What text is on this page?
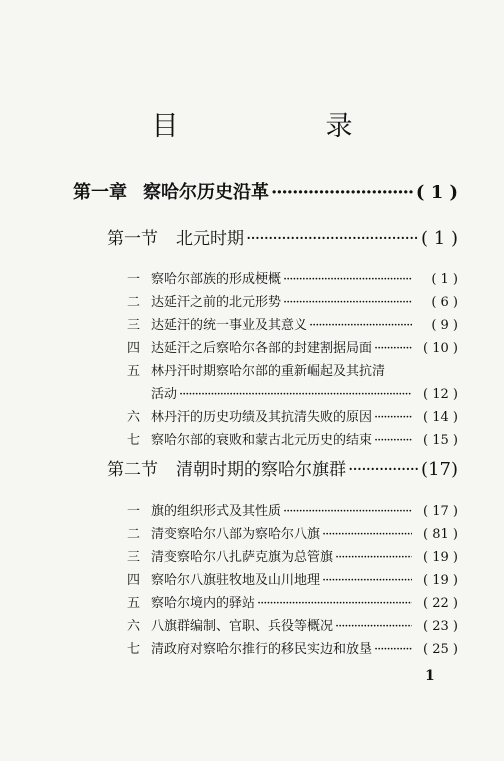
目　录
第一章 察哈尔历史沿革 ·····	( 1 )
第一节 北元时期 ·····	( 1 )
一 察哈尔部族的形成梗概 ·····	( 1 )
二 达延汗之前的北元形势 ·····	( 6 )
三 达延汗的统一事业及其意义 ·····	( 9 )
四 达延汗之后察哈尔各部的封建割据局面 ·····	( 10 )
五 林丹汗时期察哈尔部的重新崛起及其抗清
活动 ·····	( 12 )
六 林丹汗的历史功绩及其抗清失败的原因 ·····	( 14 )
七 察哈尔部的衰败和蒙古北元历史的结束 ·····	( 15 )
第二节 清朝时期的察哈尔旗群 ·····	(17)
一 旗的组织形式及其性质 ·····	( 17 )
二 清变察哈尔八部为察哈尔八旗 ·····	( 81 )
三 清变察哈尔八扎萨克旗为总管旗 ·····	( 19 )
四 察哈尔八旗驻牧地及山川地理 ·····	( 19 )
五 察哈尔境内的驿站 ·····	( 22 )
六 八旗群编制、官职、兵役等概况 ·····	( 23 )
七 清政府对察哈尔推行的移民实边和放垦 ·····	( 25 )
1
